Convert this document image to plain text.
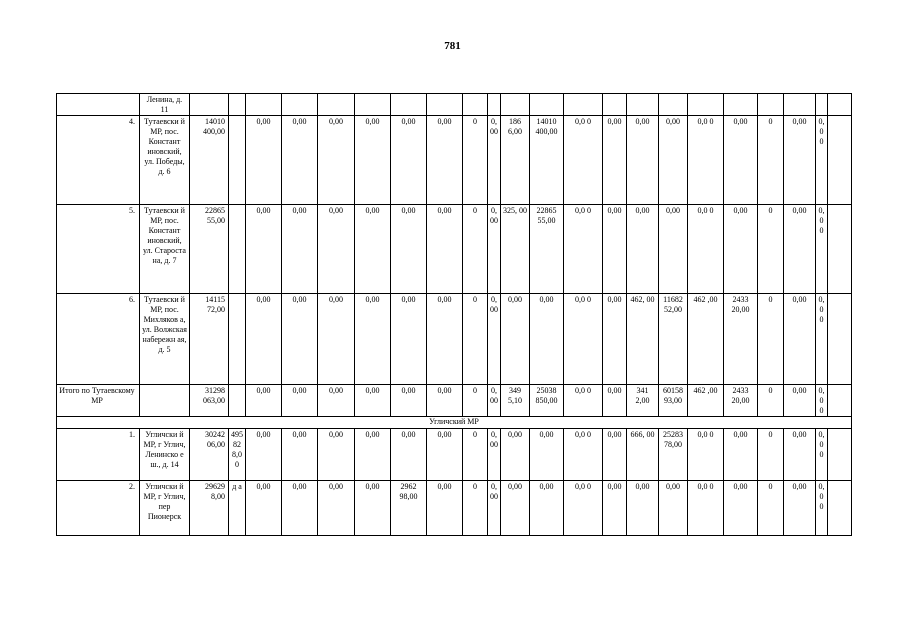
781
	Ленина, д. 11																						
4.	Тутаевски й МР, пос. Констант иновский, ул. Победы, д. 6	14010 400,00		0,00	0,00	0,00	0,00	0,00	0,00	0	0,00	186 6,00	14010 400,00	0,0 0	0,00	0,00	0,00	0,0 0	0,00	0	0,00	0,00	
5.	Тутаевски й МР, пос. Констант иновский, ул. Староста на, д. 7	22865 55,00		0,00	0,00	0,00	0,00	0,00	0,00	0	0,00	325, 00	22865 55,00	0,0 0	0,00	0,00	0,00	0,0 0	0,00	0	0,00	0,00	
6.	Тутаевски й МР, пос. Михляков а, ул. Волжская набережн ая, д. 5	14115 72,00		0,00	0,00	0,00	0,00	0,00	0,00	0	0,00	0,00	0,00	0,0 0	0,00	462, 00	11682 52,00	462 ,00	2433 20,00	0	0,00	0,00	
Итого по Тутаевскому МР		31298 063,00		0,00	0,00	0,00	0,00	0,00	0,00	0	0,00	349 5,10	25038 850,00	0,0 0	0,00	341 2,00	60158 93,00	462 ,00	2433 20,00	0	0,00	0,00	
Угличский МР																							
1.	Угличски й МР, г Углич, Ленинско е ш., д. 14	30242 06,00	49582 8,00	0,00	0,00	0,00	0,00	0,00	0,00	0	0,00	0,00	0,00	0,0 0	0,00	666, 00	25283 78,00	0,0 0	0,00	0	0,00	0,00	
2.	Угличски й МР, г Углич, пер Пионерск	29629 8,00	д а	0,00	0,00	0,00	0,00	2962 98,00	0,00	0	0,00	0,00	0,00	0,0 0	0,00	0,00	0,00	0,0 0	0,00	0	0,00	0,00	
